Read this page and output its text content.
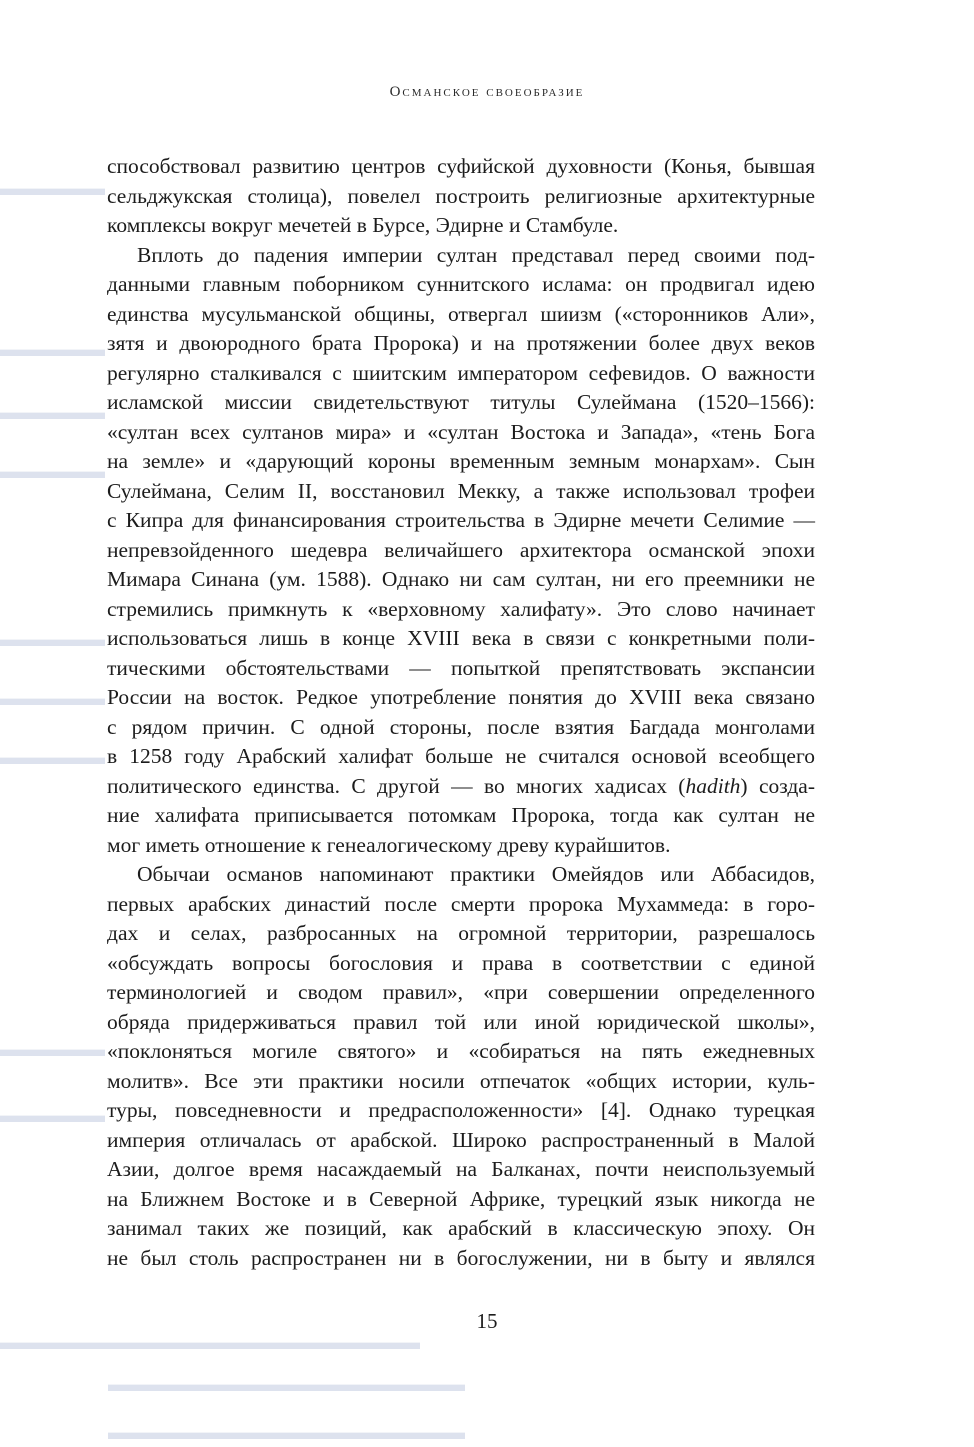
▬▬▬▬▬
▬▬▬▬▬
▬▬▬▬▬
▬▬▬▬▬
▬▬▬▬▬
▬▬▬▬▬
▬▬▬▬▬
▬▬▬▬▬
▬▬▬▬▬
▬▬▬▬▬▬▬▬▬▬▬▬▬▬▬▬▬▬▬▬
▬▬▬▬▬▬▬▬▬▬▬▬▬▬▬▬▬
▬▬▬▬▬▬▬▬▬▬▬▬▬▬▬▬▬
Османское своеобразие
способствовал развитию центров суфийской духовности (Конья, бывшая
сельджукская столица), повелел построить религиозные архитектурные
комплексы вокруг мечетей в Бурсе, Эдирне и Стамбуле.
Вплоть до падения империи султан представал перед своими под-
данными главным поборником суннитского ислама: он продвигал идею
единства мусульманской общины, отвергал шиизм («сторонников Али»,
зятя и двоюродного брата Пророка) и на протяжении более двух веков
регулярно сталкивался с шиитским императором сефевидов. О важности
исламской миссии свидетельствуют титулы Сулеймана (1520–1566):
«султан всех султанов мира» и «султан Востока и Запада», «тень Бога
на земле» и «дарующий короны временным земным монархам». Сын
Сулеймана, Селим II, восстановил Мекку, а также использовал трофеи
с Кипра для финансирования строительства в Эдирне мечети Селимие —
непревзойденного шедевра величайшего архитектора османской эпохи
Мимара Синана (ум. 1588). Однако ни сам султан, ни его преемники не
стремились примкнуть к «верховному халифату». Это слово начинает
использоваться лишь в конце XVIII века в связи с конкретными поли-
тическими обстоятельствами — попыткой препятствовать экспансии
России на восток. Редкое употребление понятия до XVIII века связано
с рядом причин. С одной стороны, после взятия Багдада монголами
в 1258 году Арабский халифат больше не считался основой всеобщего
политического единства. С другой — во многих хадисах (hadith) созда-
ние халифата приписывается потомкам Пророка, тогда как султан не
мог иметь отношение к генеалогическому древу курайшитов.
Обычаи османов напоминают практики Омейядов или Аббасидов,
первых арабских династий после смерти пророка Мухаммеда: в горо-
дах и селах, разбросанных на огромной территории, разрешалось
«обсуждать вопросы богословия и права в соответствии с единой
терминологией и сводом правил», «при совершении определенного
обряда придерживаться правил той или иной юридической школы»,
«поклоняться могиле святого» и «собираться на пять ежедневных
молитв». Все эти практики носили отпечаток «общих истории, куль-
туры, повседневности и предрасположенности» [4]. Однако турецкая
империя отличалась от арабской. Широко распространенный в Малой
Азии, долгое время насаждаемый на Балканах, почти неиспользуемый
на Ближнем Востоке и в Северной Африке, турецкий язык никогда не
занимал таких же позиций, как арабский в классическую эпоху. Он
не был столь распространен ни в богослужении, ни в быту и являлся
15
